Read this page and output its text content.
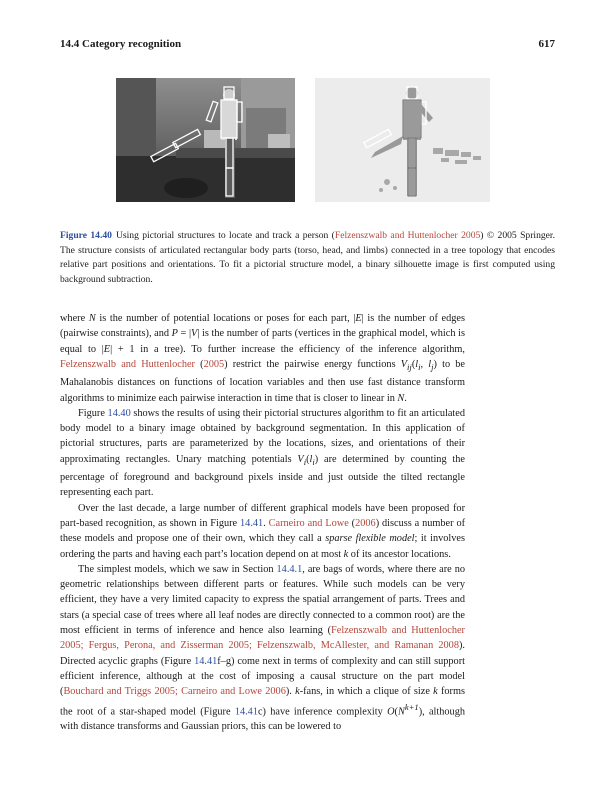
14.4 Category recognition	617
Figure 14.40 Using pictorial structures to locate and track a person (Felzenszwalb and Huttenlocher 2005) © 2005 Springer. The structure consists of articulated rectangular body parts (torso, head, and limbs) connected in a tree topology that encodes relative part positions and orientations. To fit a pictorial structure model, a binary silhouette image is first computed using background subtraction.

where N is the number of potential locations or poses for each part, |E| is the number of edges (pairwise constraints), and P = |V| is the number of parts (vertices in the graphical model, which is equal to |E| + 1 in a tree). To further increase the efficiency of the inference algorithm, Felzenszwalb and Huttenlocher (2005) restrict the pairwise energy functions $V_{ij}(l_i$, $l_j$) to be Mahalanobis distances on functions of location variables and then use fast distance transform algorithms to minimize each pairwise interaction in time that is closer to linear in N.

Figure 14.40 shows the results of using their pictorial structures algorithm to fit an articulated body model to a binary image obtained by background segmentation. In this application of pictorial structures, parts are parameterized by the locations, sizes, and orientations of their approximating rectangles. Unary matching potentials $V_i(l_i)$ are determined by counting the percentage of foreground and background pixels inside and just outside the tilted rectangle representing each part.

Over the last decade, a large number of different graphical models have been proposed for part-based recognition, as shown in Figure 14.41. Carneiro and Lowe (2006) discuss a number of these models and propose one of their own, which they call a sparse flexible model; it involves ordering the parts and having each part’s location depend on at most k of its ancestor locations.

The simplest models, which we saw in Section 14.4.1, are bags of words, where there are no geometric relationships between different parts or features. While such models can be very efficient, they have a very limited capacity to express the spatial arrangement of parts. Trees and stars (a special case of trees where all leaf nodes are directly connected to a common root) are the most efficient in terms of inference and hence also learning (Felzenszwalb and Huttenlocher 2005; Fergus, Perona, and Zisserman 2005; Felzenszwalb, McAllester, and Ramanan 2008). Directed acyclic graphs (Figure 14.41f–g) come next in terms of complexity and can still support efficient inference, although at the cost of imposing a causal structure on the part model (Bouchard and Triggs 2005; Carneiro and Lowe 2006). k-fans, in which a clique of size k forms the root of a star-shaped model (Figure 14.41c) have inference complexity $O(N^{k+1})$, although with distance transforms and Gaussian priors, this can be lowered to
